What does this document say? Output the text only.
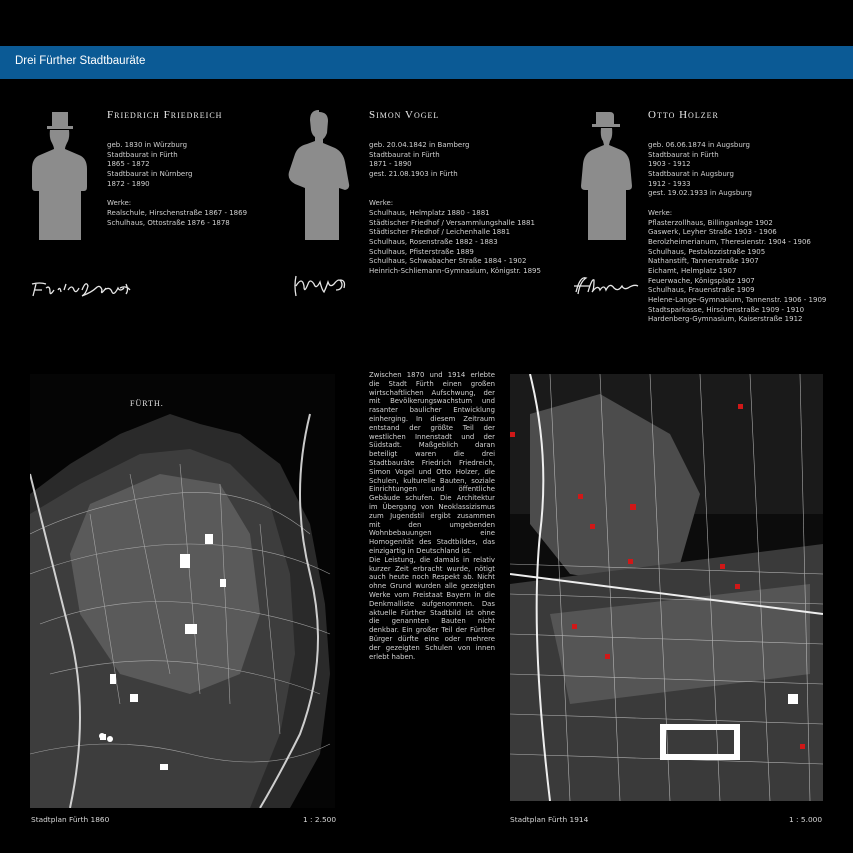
Drei Fürther Stadtbauräte
Friedrich Friedreich
geb. 1830 in Würzburg
Stadtbaurat in Fürth
1865 - 1872
Stadtbaurat in Nürnberg
1872 - 1890
Werke:
Realschule, Hirschenstraße 1867 - 1869
Schulhaus, Ottostraße 1876 - 1878
Simon Vogel
geb. 20.04.1842 in Bamberg
Stadtbaurat in Fürth
1871 - 1890
gest. 21.08.1903 in Fürth
Werke:
Schulhaus, Helmplatz 1880 - 1881
Städtischer Friedhof / Versammlungshalle 1881
Städtischer Friedhof / Leichenhalle 1881
Schulhaus, Rosenstraße 1882 - 1883
Schulhaus, Pfisterstraße 1889
Schulhaus, Schwabacher Straße 1884 - 1902
Heinrich-Schliemann-Gymnasium, Königstr. 1895
Otto Holzer
geb. 06.06.1874 in Augsburg
Stadtbaurat in Fürth
1903 - 1912
Stadtbaurat in Augsburg
1912 - 1933
gest. 19.02.1933 in Augsburg
Werke:
Pflasterzollhaus, Billinganlage 1902
Gaswerk, Leyher Straße 1903 - 1906
Berolzheimerianum, Theresienstr. 1904 - 1906
Schulhaus, Pestalozzistraße 1905
Nathanstift, Tannenstraße 1907
Eichamt, Helmplatz 1907
Feuerwache, Königsplatz 1907
Schulhaus, Frauenstraße 1909
Helene-Lange-Gymnasium, Tannenstr. 1906 - 1909
Stadtsparkasse, Hirschenstraße 1909 - 1910
Hardenberg-Gymnasium, Kaiserstraße 1912
FÜRTH.
Stadtplan Fürth 1860	1 : 2.500

Zwischen 1870 und 1914 erlebte die Stadt Fürth einen großen wirtschaftlichen Aufschwung, der mit Bevölkerungswachstum und rasanter baulicher Entwicklung einherging. In diesem Zeitraum entstand der größte Teil der westlichen Innenstadt und der Südstadt. Maßgeblich daran beteiligt waren die drei Stadtbauräte Friedrich Friedreich, Simon Vogel und Otto Holzer, die Schulen, kulturelle Bauten, soziale Einrichtungen und öffentliche Gebäude schufen. Die Architektur im Übergang von Neoklassizismus zum Jugendstil ergibt zusammen mit den umgebenden Wohnbebauungen eine Homogenität des Stadtbildes, das einzigartig in Deutschland ist.

Die Leistung, die damals in relativ kurzer Zeit erbracht wurde, nötigt auch heute noch Respekt ab. Nicht ohne Grund wurden alle gezeigten Werke vom Freistaat Bayern in die Denkmalliste aufgenommen. Das aktuelle Fürther Stadtbild ist ohne die genannten Bauten nicht denkbar. Ein großer Teil der Fürther Bürger dürfte eine oder mehrere der gezeigten Schulen von innen erlebt haben.

Stadtplan Fürth 1914	1 : 5.000
